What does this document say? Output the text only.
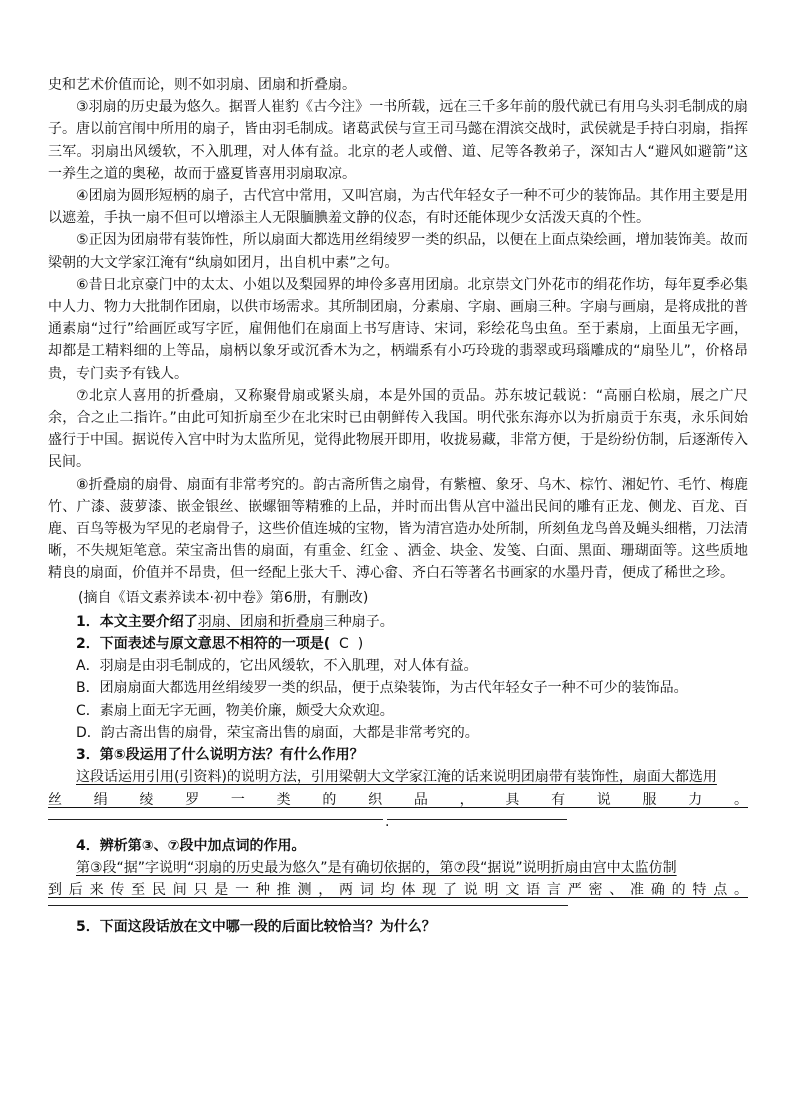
史和艺术价值而论，则不如羽扇、团扇和折叠扇。

③羽扇的历史最为悠久。据晋人崔豹《古今注》一书所载，远在三千多年前的殷代就已有用乌头羽毛制成的扇子。唐以前宫闱中所用的扇子，皆由羽毛制成。诸葛武侯与宣王司马懿在渭滨交战时，武侯就是手持白羽扇，指挥三军。羽扇出风缓软，不入肌理，对人体有益。北京的老人或僧、道、尼等各教弟子，深知古人“避风如避箭”这一养生之道的奥秘，故而于盛夏皆喜用羽扇取凉。

④团扇为圆形短柄的扇子，古代宫中常用，又叫宫扇，为古代年轻女子一种不可少的装饰品。其作用主要是用以遮羞，手执一扇不但可以增添主人无限腼腆羞文静的仪态，有时还能体现少女活泼天真的个性。

⑤正因为团扇带有装饰性，所以扇面大都选用丝绢绫罗一类的织品，以便在上面点染绘画，增加装饰美。故而梁朝的大文学家江淹有“纨扇如团月，出自机中素”之句。

⑥昔日北京豪门中的太太、小姐以及梨园界的坤伶多喜用团扇。北京崇文门外花市的绢花作坊，每年夏季必集中人力、物力大批制作团扇，以供市场需求。其所制团扇，分素扇、字扇、画扇三种。字扇与画扇，是将成批的普通素扇“过行”给画匠或写字匠，雇佣他们在扇面上书写唐诗、宋词，彩绘花鸟虫鱼。至于素扇，上面虽无字画，却都是工精料细的上等品，扇柄以象牙或沉香木为之，柄端系有小巧玲珑的翡翠或玛瑙雕成的“扇坠儿”，价格昂贵，专门卖予有钱人。

⑦北京人喜用的折叠扇，又称聚骨扇或紧头扇，本是外国的贡品。苏东坡记载说：“高丽白松扇，展之广尺余，合之止二指许。”由此可知折扇至少在北宋时已由朝鲜传入我国。明代张东海亦以为折扇贡于东夷，永乐间始盛行于中国。据说传入宫中时为太监所见，觉得此物展开即用，收拢易藏，非常方便，于是纷纷仿制，后逐渐传入民间。

⑧折叠扇的扇骨、扇面有非常考究的。韵古斋所售之扇骨，有紫檀、象牙、乌木、棕竹、湘妃竹、毛竹、梅鹿竹、广漆、菠萝漆、嵌金银丝、嵌螺钿等精雅的上品，并时而出售从宫中溢出民间的雕有正龙、侧龙、百龙、百鹿、百鸟等极为罕见的老扇骨子，这些价值连城的宝物，皆为清宫造办处所制，所刻鱼龙鸟兽及蝇头细楷，刀法清晰，不失规矩笔意。荣宝斋出售的扇面，有重金、红金 、洒金、块金、发笺、白面、黑面、珊瑚面等。这些质地精良的扇面，价值并不昂贵，但一经配上张大千、溥心畲、齐白石等著名书画家的水墨丹青，便成了稀世之珍。

(摘自《语文素养读本·初中卷》第6册，有删改)

1．本文主要介绍了羽扇、团扇和折叠扇三种扇子。

2．下面表述与原文意思不相符的一项是( C )

A．羽扇是由羽毛制成的，它出风缓软，不入肌理，对人体有益。

B．团扇扇面大都选用丝绢绫罗一类的织品，便于点染装饰，为古代年轻女子一种不可少的装饰品。

C．素扇上面无字无画，物美价廉，颇受大众欢迎。

D．韵古斋出售的扇骨，荣宝斋出售的扇面，大都是非常考究的。

3．第⑤段运用了什么说明方法？有什么作用？

这段话运用引用(引资料)的说明方法，引用梁朝大文学家江淹的话来说明团扇带有装饰性，扇面大都选用

丝绢绫罗一类的织品，具有说服力。

.

4．辨析第③、⑦段中加点词的作用。

第③段“据”字说明“羽扇的历史最为悠久”是有确切依据的，第⑦段“据说”说明折扇由宫中太监仿制

到后来传至民间只是一种推测，两词均体现了说明文语言严密、准确的特点。

5．下面这段话放在文中哪一段的后面比较恰当？为什么？
